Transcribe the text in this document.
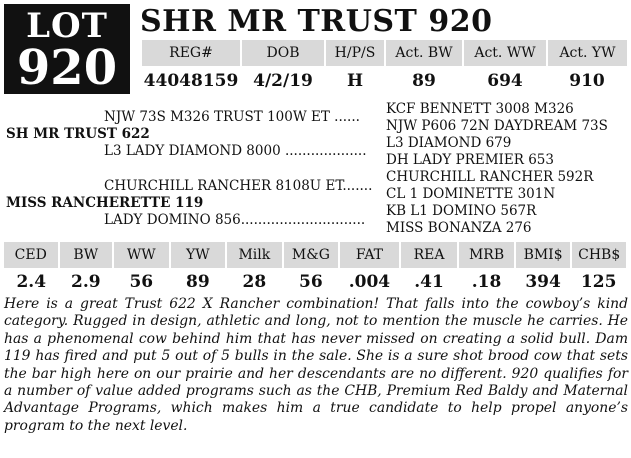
LOT
920
SHR MR TRUST 920
REG#	DOB	H/P/S	Act. BW	Act. WW	Act. YW
44048159	4/2/19	H	89	694	910
NJW 73S M326 TRUST 100W ET ......
SH MR TRUST 622
L3 LADY DIAMOND 8000 ...................
KCF BENNETT 3008 M326
NJW P606 72N DAYDREAM 73S
L3 DIAMOND 679
DH LADY PREMIER 653
CHURCHILL RANCHER 8108U ET.......
MISS RANCHERETTE 119
LADY DOMINO 856.............................
CHURCHILL RANCHER 592R
CL 1 DOMINETTE 301N
KB L1 DOMINO 567R
MISS BONANZA 276
CED	BW	WW	YW	Milk	M&G	FAT	REA	MRB	BMI$	CHB$
2.4	2.9	56	89	28	56	.004	.41	.18	394	125

Here is a great Trust 622 X Rancher combination! That falls into the cowboy’s kind category. Rugged in design, athletic and long, not to mention the muscle he carries. He has a phenomenal cow behind him that has never missed on creating a solid bull. Dam 119 has fired and put 5 out of 5 bulls in the sale. She is a sure shot brood cow that sets the bar high here on our prairie and her descendants are no different. 920 qualifies for a number of value added programs such as the CHB, Premium Red Baldy and Maternal Advantage Programs, which makes him a true candidate to help propel anyone’s program to the next level.
